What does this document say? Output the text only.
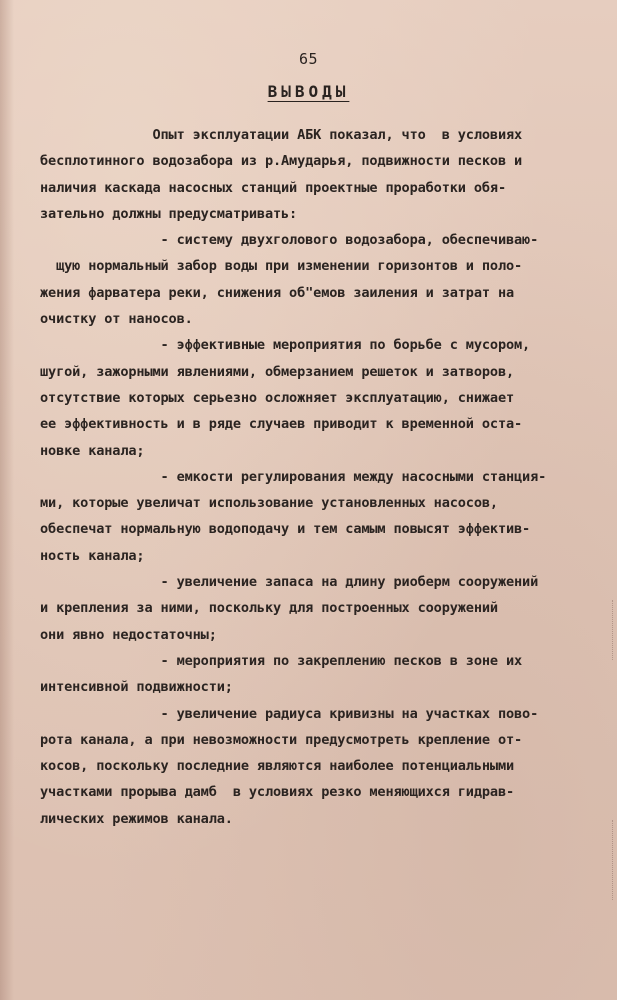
65
ВЫВОДЫ
Опыт эксплуатации АБК показал, что  в условиях
бесплотинного водозабора из р.Амударья, подвижности песков и
наличия каскада насосных станций проектные проработки обя-
зательно должны предусматривать:
- систему двухголового водозабора, обеспечиваю-
щую нормальный забор воды при изменении горизонтов и поло-
жения фарватера реки, снижения об"емов заиления и затрат на
очистку от наносов.
- эффективные мероприятия по борьбе с мусором,
шугой, зажорными явлениями, обмерзанием решеток и затворов,
отсутствие которых серьезно осложняет эксплуатацию, снижает
ее эффективность и в ряде случаев приводит к временной оста-
новке канала;
- емкости регулирования между насосными станция-
ми, которые увеличат использование установленных насосов,
обеспечат нормальную водоподачу и тем самым повысят эффектив-
ность канала;
- увеличение запаса на длину риоберм сооружений
и крепления за ними, поскольку для построенных сооружений
они явно недостаточны;
- мероприятия по закреплению песков в зоне их
интенсивной подвижности;
- увеличение радиуса кривизны на участках пово-
рота канала, а при невозможности предусмотреть крепление от-
косов, поскольку последние являются наиболее потенциальными
участками прорыва дамб  в условиях резко меняющихся гидрав-
лических режимов канала.
